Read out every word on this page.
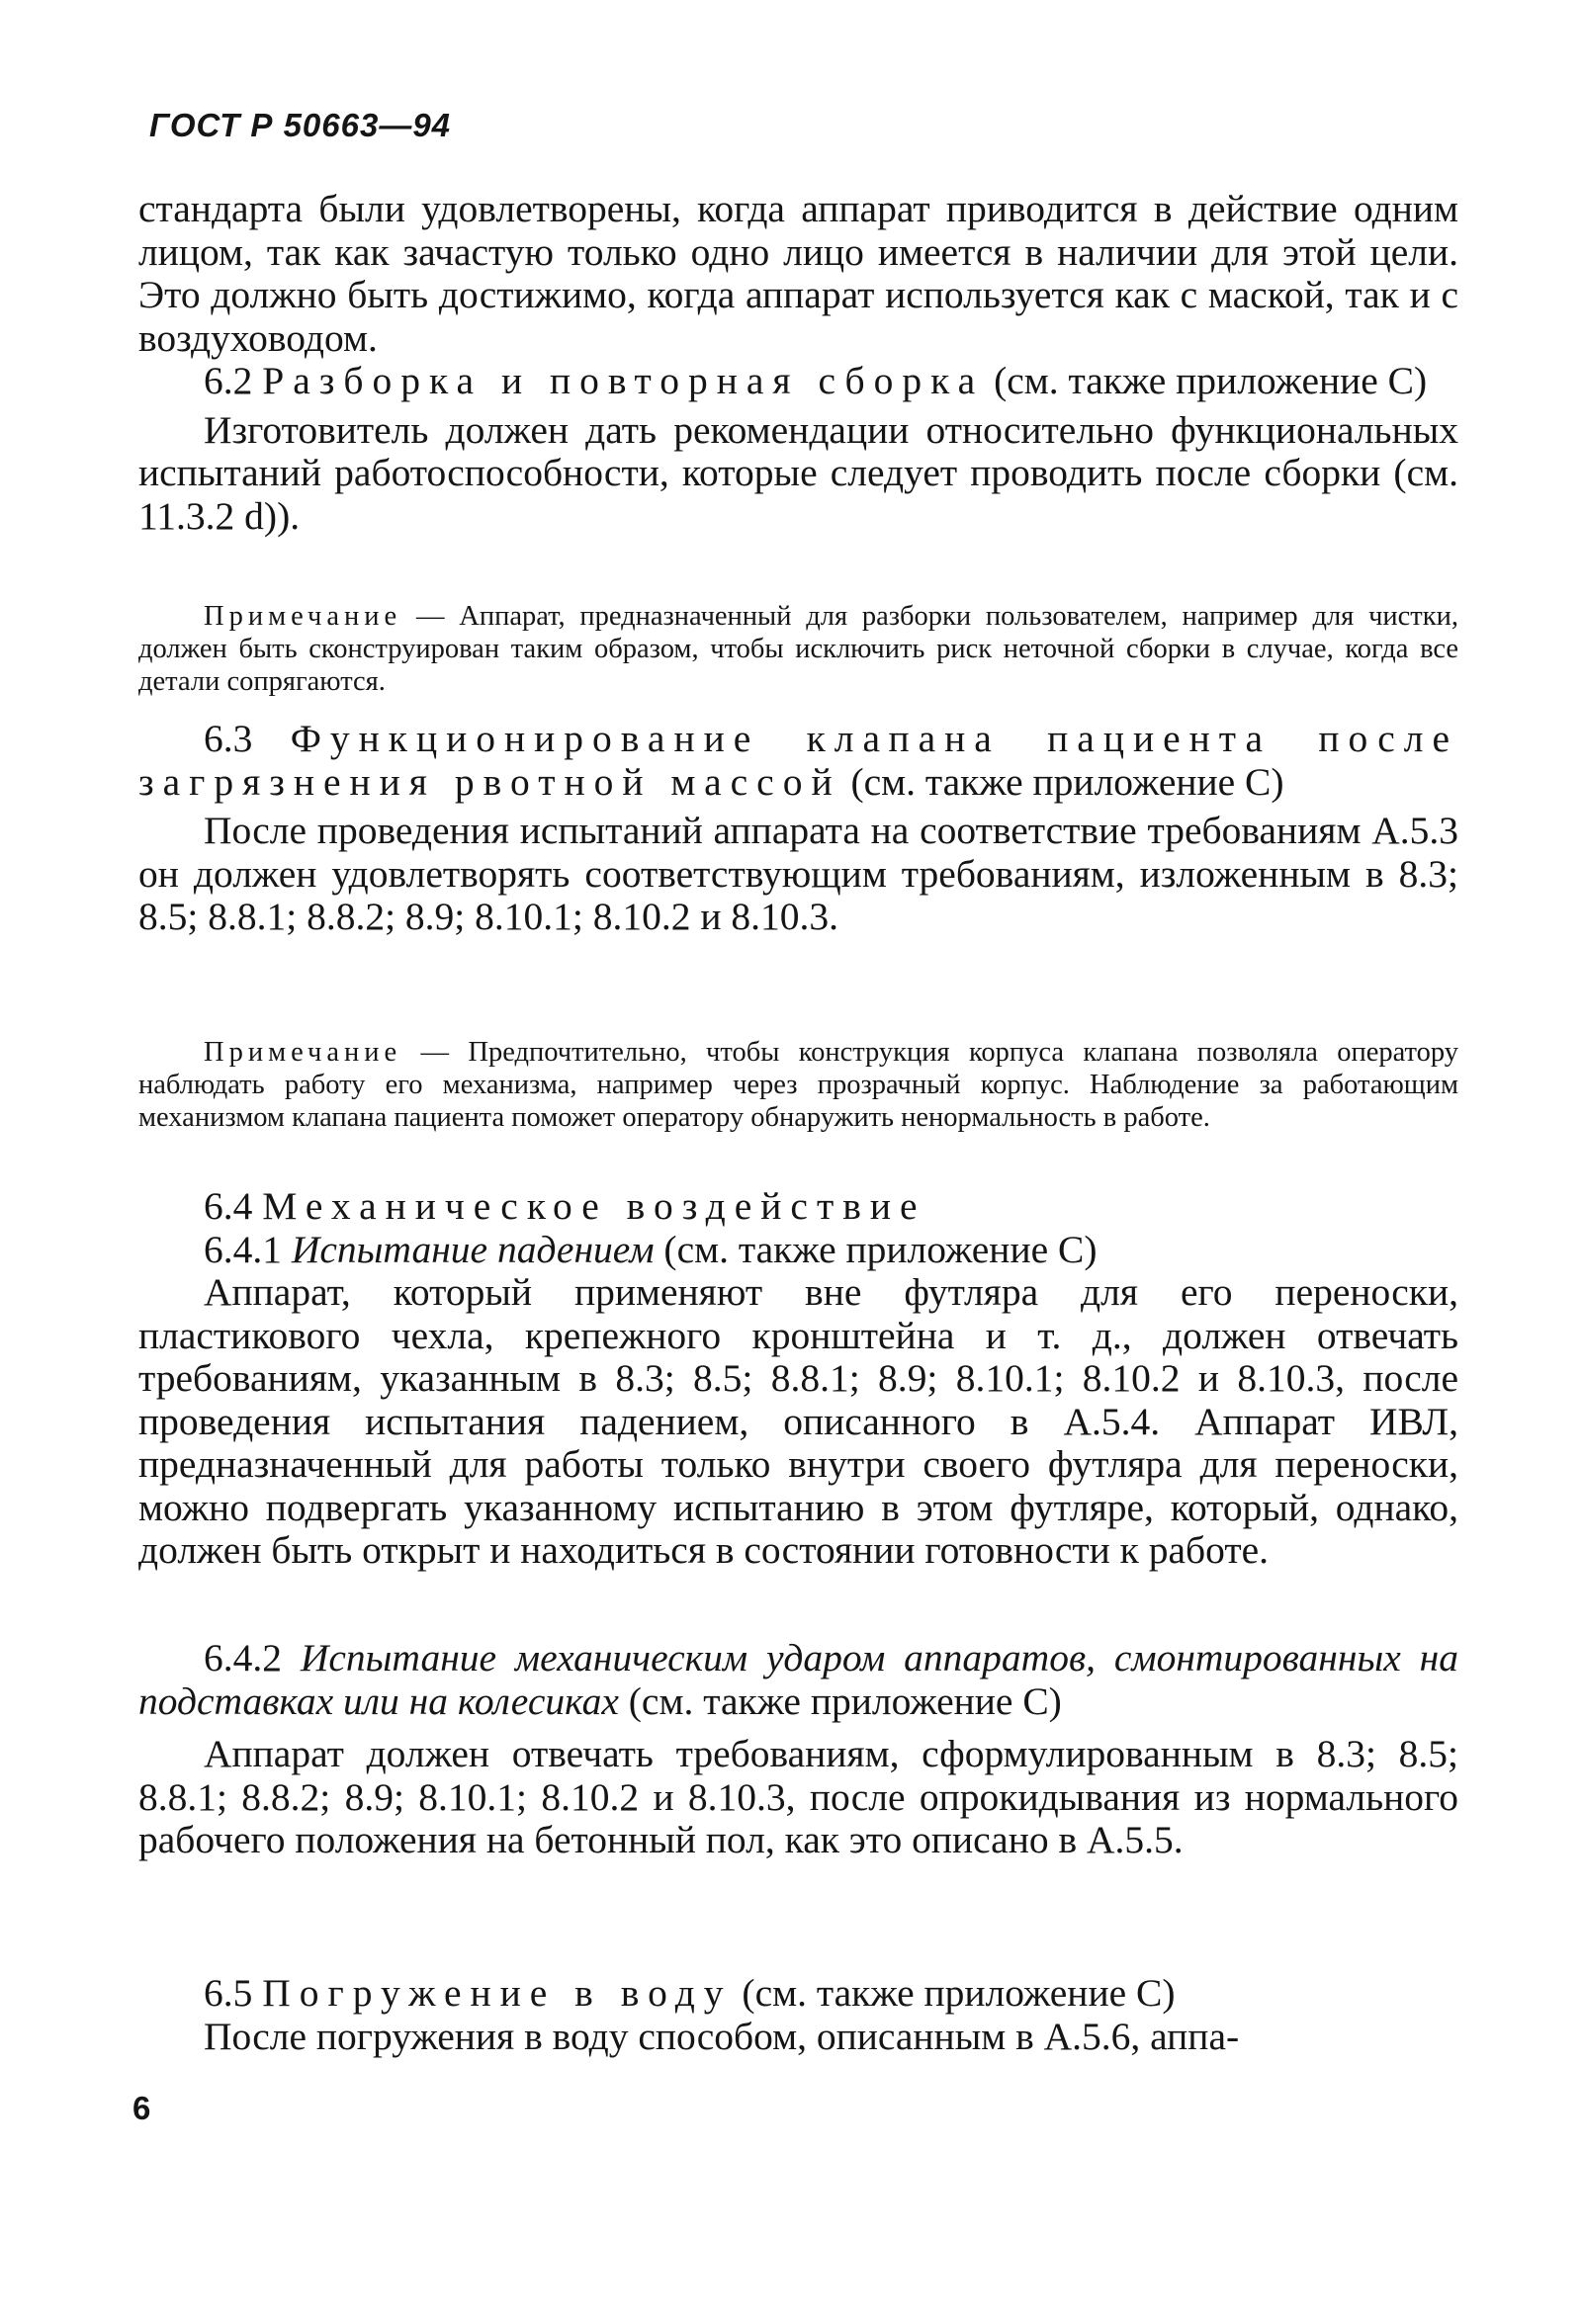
ГОСТ Р 50663—94

стандарта были удовлетворены, когда аппарат приводится в действие одним лицом, так как зачастую только одно лицо имеется в наличии для этой цели. Это должно быть достижимо, когда аппарат используется как с маской, так и с воздуховодом.

6.2 Разборка и повторная сборка (см. также приложение С)

Изготовитель должен дать рекомендации относительно функциональных испытаний работоспособности, которые следует проводить после сборки (см. 11.3.2 d)).

Примечание — Аппарат, предназначенный для разборки пользователем, например для чистки, должен быть сконструирован таким образом, чтобы исключить риск неточной сборки в случае, когда все детали сопрягаются.

6.3 Функционирование клапана пациента после загрязнения рвотной массой (см. также приложение С)

После проведения испытаний аппарата на соответствие требованиям А.5.3 он должен удовлетворять соответствующим требованиям, изложенным в 8.3; 8.5; 8.8.1; 8.8.2; 8.9; 8.10.1; 8.10.2 и 8.10.3.

Примечание — Предпочтительно, чтобы конструкция корпуса клапана позволяла оператору наблюдать работу его механизма, например через прозрачный корпус. Наблюдение за работающим механизмом клапана пациента поможет оператору обнаружить ненормальность в работе.

6.4 Механическое воздействие

6.4.1 Испытание падением (см. также приложение С)

Аппарат, который применяют вне футляра для его переноски, пластикового чехла, крепежного кронштейна и т. д., должен отвечать требованиям, указанным в 8.3; 8.5; 8.8.1; 8.9; 8.10.1; 8.10.2 и 8.10.3, после проведения испытания падением, описанного в А.5.4. Аппарат ИВЛ, предназначенный для работы только внутри своего футляра для переноски, можно подвергать указанному испытанию в этом футляре, который, однако, должен быть открыт и находиться в состоянии готовности к работе.

6.4.2 Испытание механическим ударом аппаратов, смонтированных на подставках или на колесиках (см. также приложение С)

Аппарат должен отвечать требованиям, сформулированным в 8.3; 8.5; 8.8.1; 8.8.2; 8.9; 8.10.1; 8.10.2 и 8.10.3, после опрокидывания из нормального рабочего положения на бетонный пол, как это описано в А.5.5.

6.5 Погружение в воду (см. также приложение С)

После погружения в воду способом, описанным в А.5.6, аппа-

6
